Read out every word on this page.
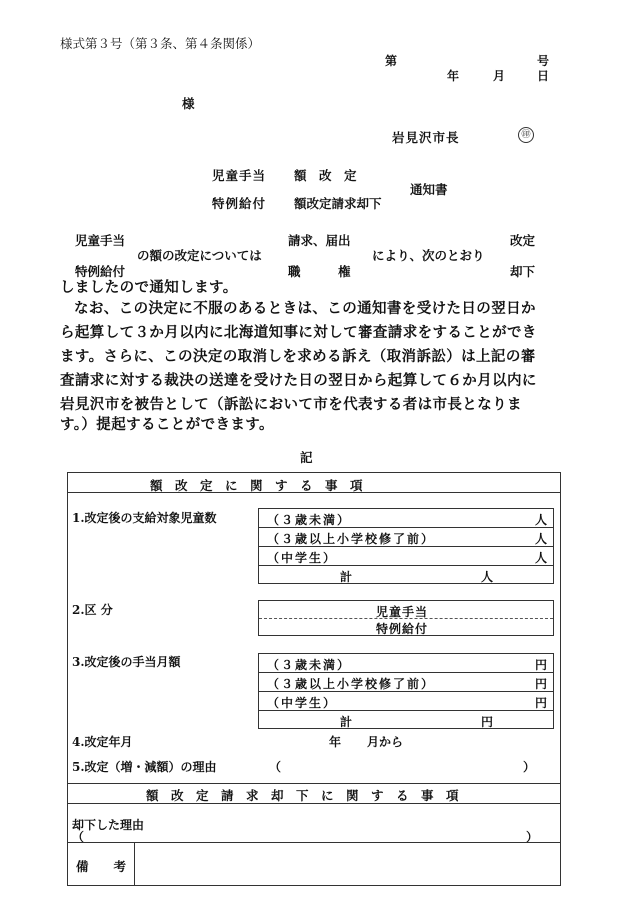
様式第３号（第３条、第４条関係）
第	号
年	月	日
様
岩見沢市長	㊞
児童手当 額　改　定
特例給付 額改定請求却下
通知書
児童手当
の額の改定については
特例給付
請求、届出
職　　　権
により、次のとおり
改定
却下
しましたので通知します。
なお、この決定に不服のあるときは、この通知書を受けた日の翌日か
ら起算して３か月以内に北海道知事に対して審査請求をすることができ
ます。さらに、この決定の取消しを求める訴え（取消訴訟）は上記の審
査請求に対する裁決の送達を受けた日の翌日から起算して６か月以内に
岩見沢市を被告として（訴訟において市を代表する者は市長となりま
す。）提起することができます。
記
額　改　定　に　関　す　る　事　項
1.改定後の支給対象児童数	（３歳未満）	人
（３歳以上小学校修了前）	人
（中学生）	人
計	人
2.区 分	児童手当
特例給付
3.改定後の手当月額	（３歳未満）	円
（３歳以上小学校修了前）	円
（中学生）	円
計	円
4.改定年月	年 月から
5.改定（増・減額）の理由	（	）
額　改　定　請　求　却　下　に　関　す　る　事　項
却下した理由
（	）
備　　考
